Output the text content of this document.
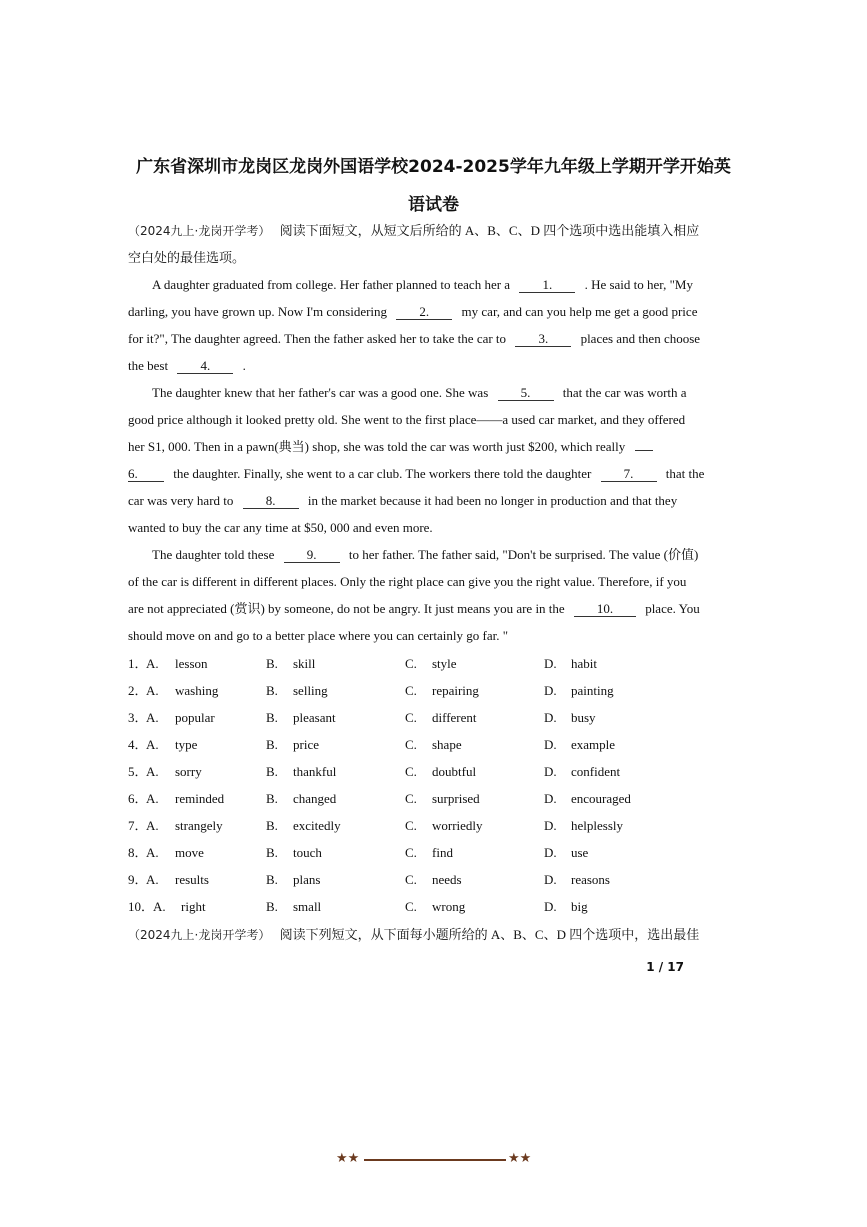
广东省深圳市龙岗区龙岗外国语学校2024-2025学年九年级上学期开学开始英
语试卷
（2024九上·龙岗开学考） 阅读下面短文，从短文后所给的 A、B、C、D 四个选项中选出能填入相应
空白处的最佳选项。
A daughter graduated from college. Her father planned to teach her a 1. . He said to her, "My
darling, you have grown up. Now I'm considering 2. my car, and can you help me get a good price
for it?", The daughter agreed. Then the father asked her to take the car to 3. places and then choose
the best 4. .
The daughter knew that her father's car was a good one. She was 5. that the car was worth a
good price although it looked pretty old. She went to the first place——a used car market, and they offered
her S1, 000. Then in a pawn(典当) shop, she was told the car was worth just $200, which really
6.	the daughter. Finally, she went to a car club. The workers there told the daughter 7. that the
car was very hard to 8. in the market because it had been no longer in production and that they
wanted to buy the car any time at $50, 000 and even more.
The daughter told these 9. to her father. The father said, "Don't be surprised. The value (价值)
of the car is different in different places. Only the right place can give you the right value. Therefore, if you
are not appreciated (赏识) by someone, do not be angry. It just means you are in the 10. place. You
should move on and go to a better place where you can certainly go far. "
1．
A. lesson	B. skill	C. style	D. habit
2．
A. washing	B. selling	C. repairing	D. painting
3．
A. popular	B. pleasant	C. different	D. busy
4．
A. type	B. price	C. shape	D. example
5．
A. sorry	B. thankful	C. doubtful	D. confident
6．
A. reminded	B. changed	C. surprised	D. encouraged
7．
A. strangely	B. excitedly	C. worriedly	D. helplessly
8．
A. move	B. touch	C. find	D. use
9．
A. results	B. plans	C. needs	D. reasons
10．
A. right	B. small	C. wrong	D. big
（2024九上·龙岗开学考） 阅读下列短文，从下面每小题所给的 A、B、C、D 四个选项中，选出最佳
1 / 17
★★	★★
